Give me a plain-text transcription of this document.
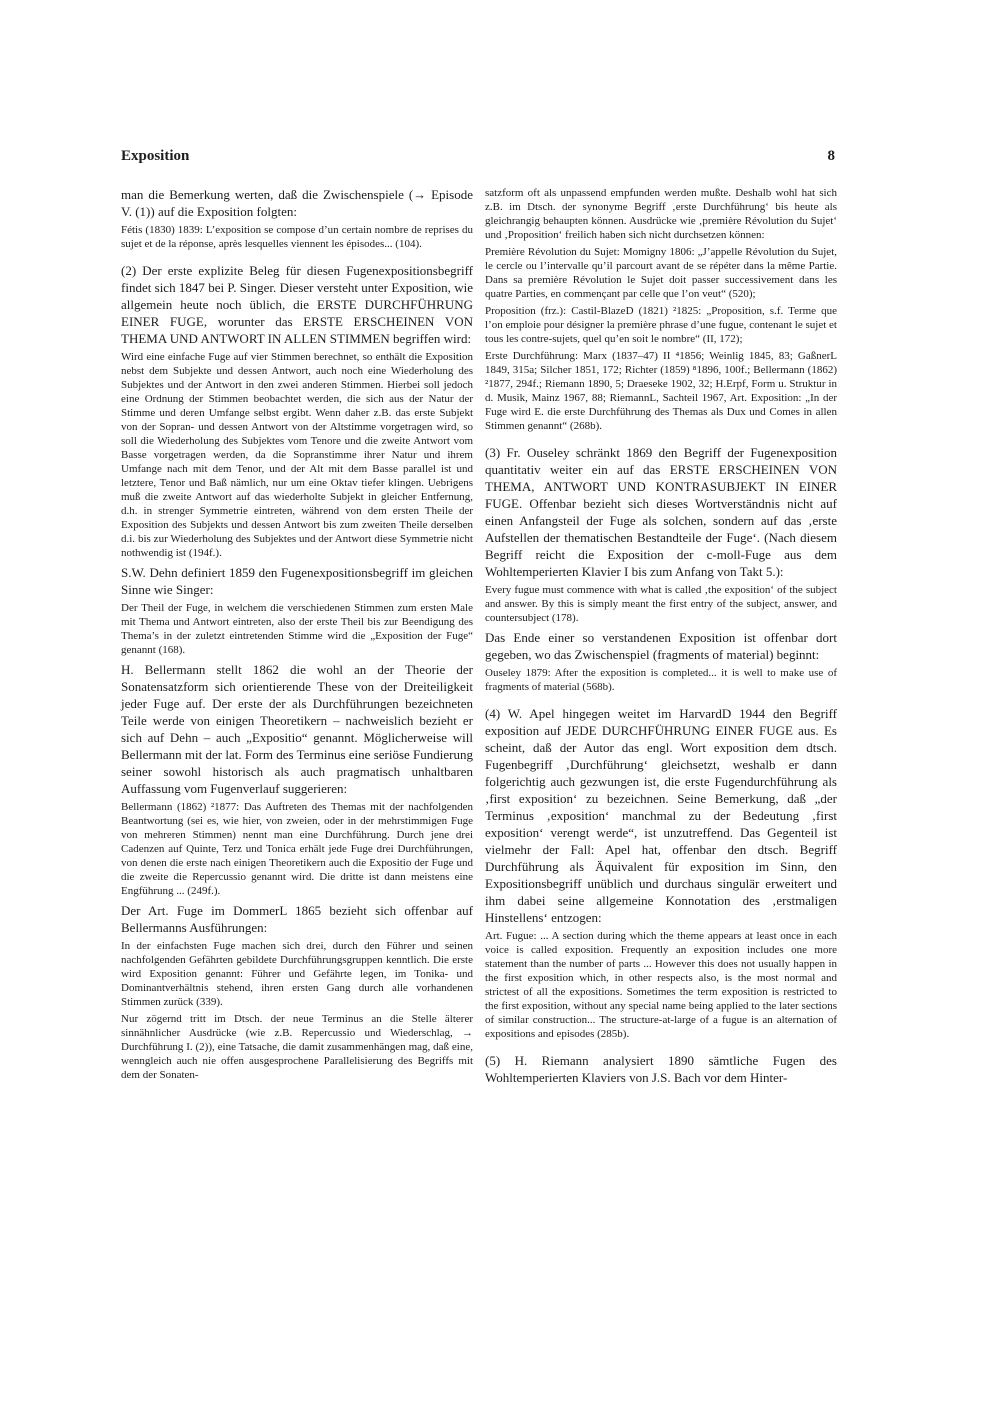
Exposition	8

man die Bemerkung werten, daß die Zwischenspiele (→ Episode V. (1)) auf die Exposition folgten:

Fétis (1830) 1839: L’exposition se compose d’un certain nombre de reprises du sujet et de la réponse, après lesquelles viennent les épisodes... (104).

(2) Der erste explizite Beleg für diesen Fugenexpositionsbegriff findet sich 1847 bei P. Singer. Dieser versteht unter Exposition, wie allgemein heute noch üblich, die ERSTE DURCHFÜHRUNG EINER FUGE, worunter das ERSTE ERSCHEINEN VON THEMA UND ANTWORT IN ALLEN STIMMEN begriffen wird:

Wird eine einfache Fuge auf vier Stimmen berechnet, so enthält die Exposition nebst dem Subjekte und dessen Antwort, auch noch eine Wiederholung des Subjektes und der Antwort in den zwei anderen Stimmen. Hierbei soll jedoch eine Ordnung der Stimmen beobachtet werden, die sich aus der Natur der Stimme und deren Umfange selbst ergibt. Wenn daher z.B. das erste Subjekt von der Sopran- und dessen Antwort von der Altstimme vorgetragen wird, so soll die Wiederholung des Subjektes vom Tenore und die zweite Antwort vom Basse vorgetragen werden, da die Sopranstimme ihrer Natur und ihrem Umfange nach mit dem Tenor, und der Alt mit dem Basse parallel ist und letztere, Tenor und Baß nämlich, nur um eine Oktav tiefer klingen. Uebrigens muß die zweite Antwort auf das wiederholte Subjekt in gleicher Entfernung, d.h. in strenger Symmetrie eintreten, während von dem ersten Theile der Exposition des Subjekts und dessen Antwort bis zum zweiten Theile derselben d.i. bis zur Wiederholung des Subjektes und der Antwort diese Symmetrie nicht nothwendig ist (194f.).

S.W. Dehn definiert 1859 den Fugenexpositionsbegriff im gleichen Sinne wie Singer:

Der Theil der Fuge, in welchem die verschiedenen Stimmen zum ersten Male mit Thema und Antwort eintreten, also der erste Theil bis zur Beendigung des Thema’s in der zuletzt eintretenden Stimme wird die „Exposition der Fuge“ genannt (168).

H. Bellermann stellt 1862 die wohl an der Theorie der Sonatensatzform sich orientierende These von der Dreiteiligkeit jeder Fuge auf. Der erste der als Durchführungen bezeichneten Teile werde von einigen Theoretikern – nachweislich bezieht er sich auf Dehn – auch „Expositio“ genannt. Möglicherweise will Bellermann mit der lat. Form des Terminus eine seriöse Fundierung seiner sowohl historisch als auch pragmatisch unhaltbaren Auffassung vom Fugenverlauf suggerieren:

Bellermann (1862) ²1877: Das Auftreten des Themas mit der nachfolgenden Beantwortung (sei es, wie hier, von zweien, oder in der mehrstimmigen Fuge von mehreren Stimmen) nennt man eine Durchführung. Durch jene drei Cadenzen auf Quinte, Terz und Tonica erhält jede Fuge drei Durchführungen, von denen die erste nach einigen Theoretikern auch die Expositio der Fuge und die zweite die Repercussio genannt wird. Die dritte ist dann meistens eine Engführung ... (249f.).

Der Art. Fuge im DommerL 1865 bezieht sich offenbar auf Bellermanns Ausführungen:

In der einfachsten Fuge machen sich drei, durch den Führer und seinen nachfolgenden Gefährten gebildete Durchführungsgruppen kenntlich. Die erste wird Exposition genannt: Führer und Gefährte legen, im Tonika- und Dominantverhältnis stehend, ihren ersten Gang durch alle vorhandenen Stimmen zurück (339).

Nur zögernd tritt im Dtsch. der neue Terminus an die Stelle älterer sinnähnlicher Ausdrücke (wie z.B. Repercussio und Wiederschlag, → Durchführung I. (2)), eine Tatsache, die damit zusammenhängen mag, daß eine, wenngleich auch nie offen ausgesprochene Parallelisierung des Begriffs mit dem der Sonaten-

satzform oft als unpassend empfunden werden mußte. Deshalb wohl hat sich z.B. im Dtsch. der synonyme Begriff ‚erste Durchführung‘ bis heute als gleichrangig behaupten können. Ausdrücke wie ‚première Révolution du Sujet‘ und ‚Proposition‘ freilich haben sich nicht durchsetzen können:

Première Révolution du Sujet: Momigny 1806: „J’appelle Révolution du Sujet, le cercle ou l’intervalle qu’il parcourt avant de se répéter dans la même Partie. Dans sa première Révolution le Sujet doit passer successivement dans les quatre Parties, en commençant par celle que l’on veut“ (520);

Proposition (frz.): Castil-BlazeD (1821) ²1825: „Proposition, s.f. Terme que l’on emploie pour désigner la première phrase d’une fugue, contenant le sujet et tous les contre-sujets, quel qu’en soit le nombre“ (II, 172);

Erste Durchführung: Marx (1837–47) II ⁴1856; Weinlig 1845, 83; GaßnerL 1849, 315a; Silcher 1851, 172; Richter (1859) ⁸1896, 100f.; Bellermann (1862) ²1877, 294f.; Riemann 1890, 5; Draeseke 1902, 32; H.Erpf, Form u. Struktur in d. Musik, Mainz 1967, 88; RiemannL, Sachteil 1967, Art. Exposition: „In der Fuge wird E. die erste Durchführung des Themas als Dux und Comes in allen Stimmen genannt“ (268b).

(3) Fr. Ouseley schränkt 1869 den Begriff der Fugenexposition quantitativ weiter ein auf das ERSTE ERSCHEINEN VON THEMA, ANTWORT UND KONTRASUBJEKT IN EINER FUGE. Offenbar bezieht sich dieses Wortverständnis nicht auf einen Anfangsteil der Fuge als solchen, sondern auf das ‚erste Aufstellen der thematischen Bestandteile der Fuge‘. (Nach diesem Begriff reicht die Exposition der c-moll-Fuge aus dem Wohltemperierten Klavier I bis zum Anfang von Takt 5.):

Every fugue must commence with what is called ‚the exposition‘ of the subject and answer. By this is simply meant the first entry of the subject, answer, and countersubject (178).

Das Ende einer so verstandenen Exposition ist offenbar dort gegeben, wo das Zwischenspiel (fragments of material) beginnt:

Ouseley 1879: After the exposition is completed... it is well to make use of fragments of material (568b).

(4) W. Apel hingegen weitet im HarvardD 1944 den Begriff exposition auf JEDE DURCHFÜHRUNG EINER FUGE aus. Es scheint, daß der Autor das engl. Wort exposition dem dtsch. Fugenbegriff ‚Durchführung‘ gleichsetzt, weshalb er dann folgerichtig auch gezwungen ist, die erste Fugendurchführung als ‚first exposition‘ zu bezeichnen. Seine Bemerkung, daß „der Terminus ‚exposition‘ manchmal zu der Bedeutung ‚first exposition‘ verengt werde“, ist unzutreffend. Das Gegenteil ist vielmehr der Fall: Apel hat, offenbar den dtsch. Begriff Durchführung als Äquivalent für exposition im Sinn, den Expositionsbegriff unüblich und durchaus singulär erweitert und ihm dabei seine allgemeine Konnotation des ‚erstmaligen Hinstellens‘ entzogen:

Art. Fugue: ... A section during which the theme appears at least once in each voice is called exposition. Frequently an exposition includes one more statement than the number of parts ... However this does not usually happen in the first exposition which, in other respects also, is the most normal and strictest of all the expositions. Sometimes the term exposition is restricted to the first exposition, without any special name being applied to the later sections of similar construction... The structure-at-large of a fugue is an alternation of expositions and episodes (285b).

(5) H. Riemann analysiert 1890 sämtliche Fugen des Wohltemperierten Klaviers von J.S. Bach vor dem Hinter-
